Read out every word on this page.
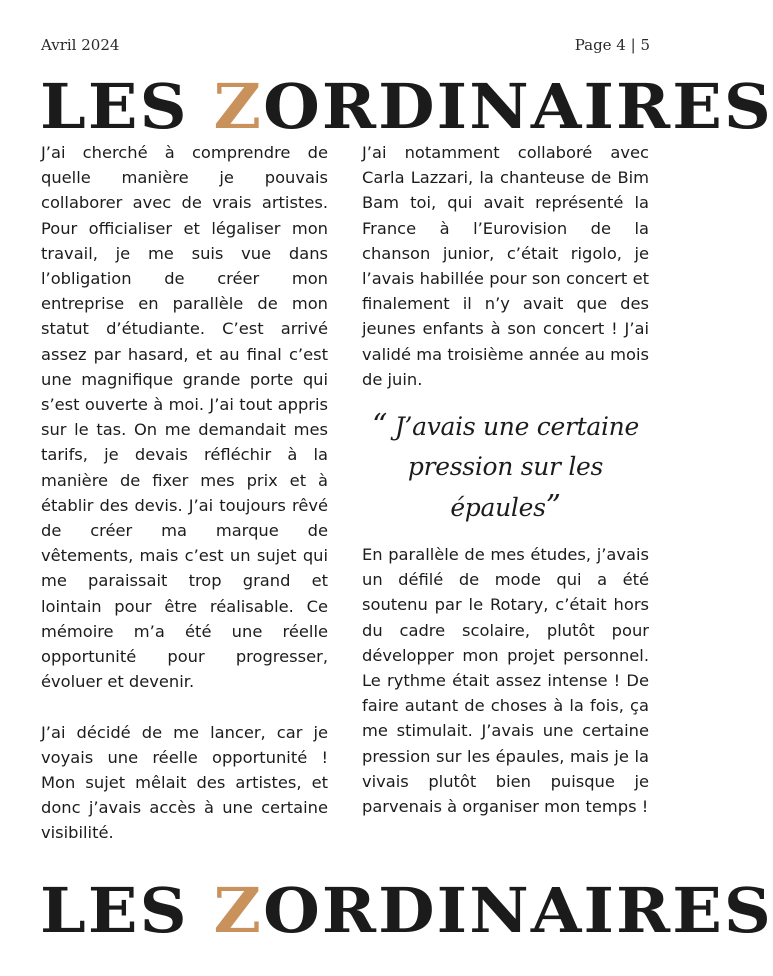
Avril 2024	Page 4 | 5
LES ZORDINAIRES

J’ai cherché à comprendre de quelle manière je pouvais collaborer avec de vrais artistes. Pour officialiser et légaliser mon travail, je me suis vue dans l’obligation de créer mon entreprise en parallèle de mon statut d’étudiante. C’est arrivé assez par hasard, et au final c’est une magnifique grande porte qui s’est ouverte à moi. J’ai tout appris sur le tas. On me demandait mes tarifs, je devais réfléchir à la manière de fixer mes prix et à établir des devis. J’ai toujours rêvé de créer ma marque de vêtements, mais c’est un sujet qui me paraissait trop grand et lointain pour être réalisable. Ce mémoire m’a été une réelle opportunité pour progresser, évoluer et devenir.

J’ai décidé de me lancer, car je voyais une réelle opportunité ! Mon sujet mêlait des artistes, et donc j’avais accès à une certaine visibilité.

J’ai notamment collaboré avec Carla Lazzari, la chanteuse de Bim Bam toi, qui avait représenté la France à l’Eurovision de la chanson junior, c’était rigolo, je l’avais habillée pour son concert et finalement il n’y avait que des jeunes enfants à son concert ! J’ai validé ma troisième année au mois de juin.

“ J’avais une certaine pression sur les épaules”

En parallèle de mes études, j’avais un défilé de mode qui a été soutenu par le Rotary, c’était hors du cadre scolaire, plutôt pour développer mon projet personnel. Le rythme était assez intense ! De faire autant de choses à la fois, ça me stimulait. J’avais une certaine pression sur les épaules, mais je la vivais plutôt bien puisque je parvenais à organiser mon temps !

LES ZORDINAIRES
